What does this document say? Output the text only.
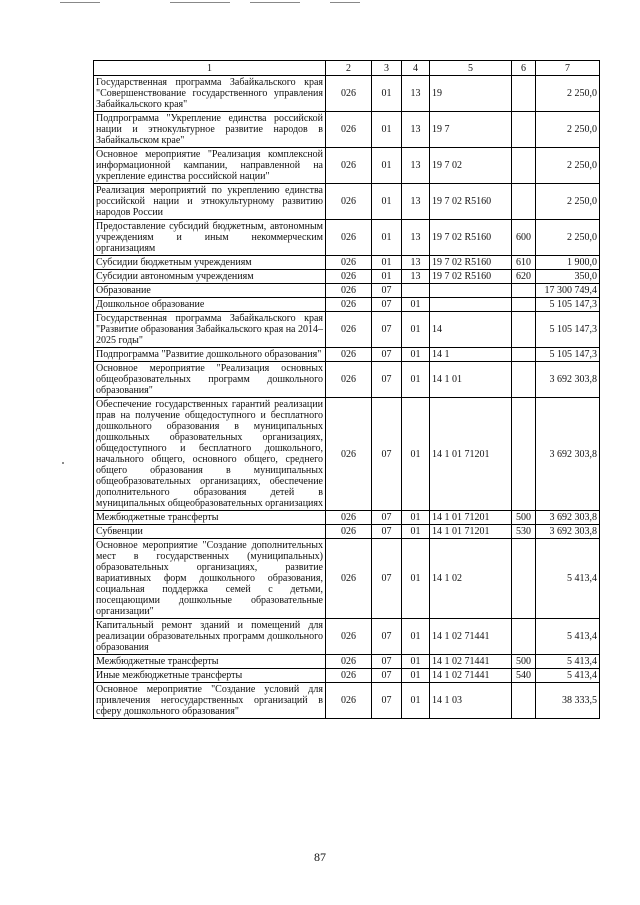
1	2	3	4	5	6	7
Государственная программа Забайкальского края "Совершенствование государственного управления Забайкальского края"	026	01	13	19		2 250,0
Подпрограмма "Укрепление единства российской нации и этнокультурное развитие народов в Забайкальском крае"	026	01	13	19 7		2 250,0
Основное мероприятие "Реализация комплексной информационной кампании, направленной на укрепление единства российской нации"	026	01	13	19 7 02		2 250,0
Реализация мероприятий по укреплению единства российской нации и этнокультурному развитию народов России	026	01	13	19 7 02 R5160		2 250,0
Предоставление субсидий бюджетным, автономным учреждениям и иным некоммерческим организациям	026	01	13	19 7 02 R5160	600	2 250,0
Субсидии бюджетным учреждениям	026	01	13	19 7 02 R5160	610	1 900,0
Субсидии автономным учреждениям	026	01	13	19 7 02 R5160	620	350,0
Образование	026	07				17 300 749,4
Дошкольное образование	026	07	01			5 105 147,3
Государственная программа Забайкальского края "Развитие образования Забайкальского края на 2014–2025 годы"	026	07	01	14		5 105 147,3
Подпрограмма "Развитие дошкольного образования"	026	07	01	14 1		5 105 147,3
Основное мероприятие "Реализация основных общеобразовательных программ дошкольного образования"	026	07	01	14 1 01		3 692 303,8
Обеспечение государственных гарантий реализации прав на получение общедоступного и бесплатного дошкольного образования в муниципальных дошкольных образовательных организациях, общедоступного и бесплатного дошкольного, начального общего, основного общего, среднего общего образования в муниципальных общеобразовательных организациях, обеспечение дополнительного образования детей в муниципальных общеобразовательных организациях	026	07	01	14 1 01 71201		3 692 303,8
Межбюджетные трансферты	026	07	01	14 1 01 71201	500	3 692 303,8
Субвенции	026	07	01	14 1 01 71201	530	3 692 303,8
Основное мероприятие "Создание дополнительных мест в государственных (муниципальных) образовательных организациях, развитие вариативных форм дошкольного образования, социальная поддержка семей с детьми, посещающими дошкольные образовательные организации"	026	07	01	14 1 02		5 413,4
Капитальный ремонт зданий и помещений для реализации образовательных программ дошкольного образования	026	07	01	14 1 02 71441		5 413,4
Межбюджетные трансферты	026	07	01	14 1 02 71441	500	5 413,4
Иные межбюджетные трансферты	026	07	01	14 1 02 71441	540	5 413,4
Основное мероприятие "Создание условий для привлечения негосударственных организаций в сферу дошкольного образования"	026	07	01	14 1 03		38 333,5
87
